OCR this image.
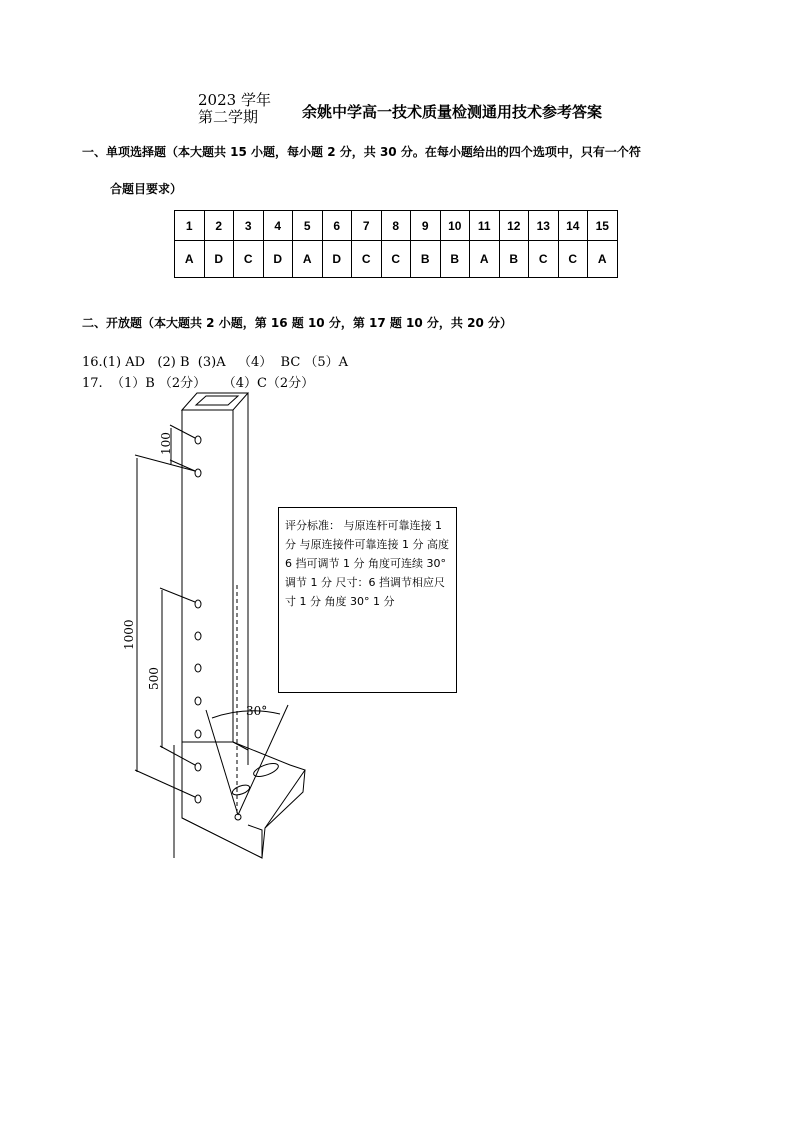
2023 学年
第二学期	余姚中学高一技术质量检测通用技术参考答案
一、单项选择题（本大题共 15 小题，每小题 2 分，共 30 分。在每小题给出的四个选项中，只有一个符
合题目要求）
1	2	3	4	5	6	7	8	9	10	11	12	13	14	15
A	D	C	D	A	D	C	C	B	B	A	B	C	C	A
二、开放题（本大题共 2 小题，第 16 题 10 分，第 17 题 10 分，共 20 分）
16.(1) AD   (2) B  (3)A   （4）  BC （5）A
17.  （1）B （2分）    （4）C（2分）
100
1000
500
30°
评分标准： 与原连杆可靠连接 1 分 与原连接件可靠连接 1 分 高度 6 挡可调节 1 分 角度可连续 30°调节 1 分 尺寸：6 挡调节相应尺寸 1 分 角度 30° 1 分
